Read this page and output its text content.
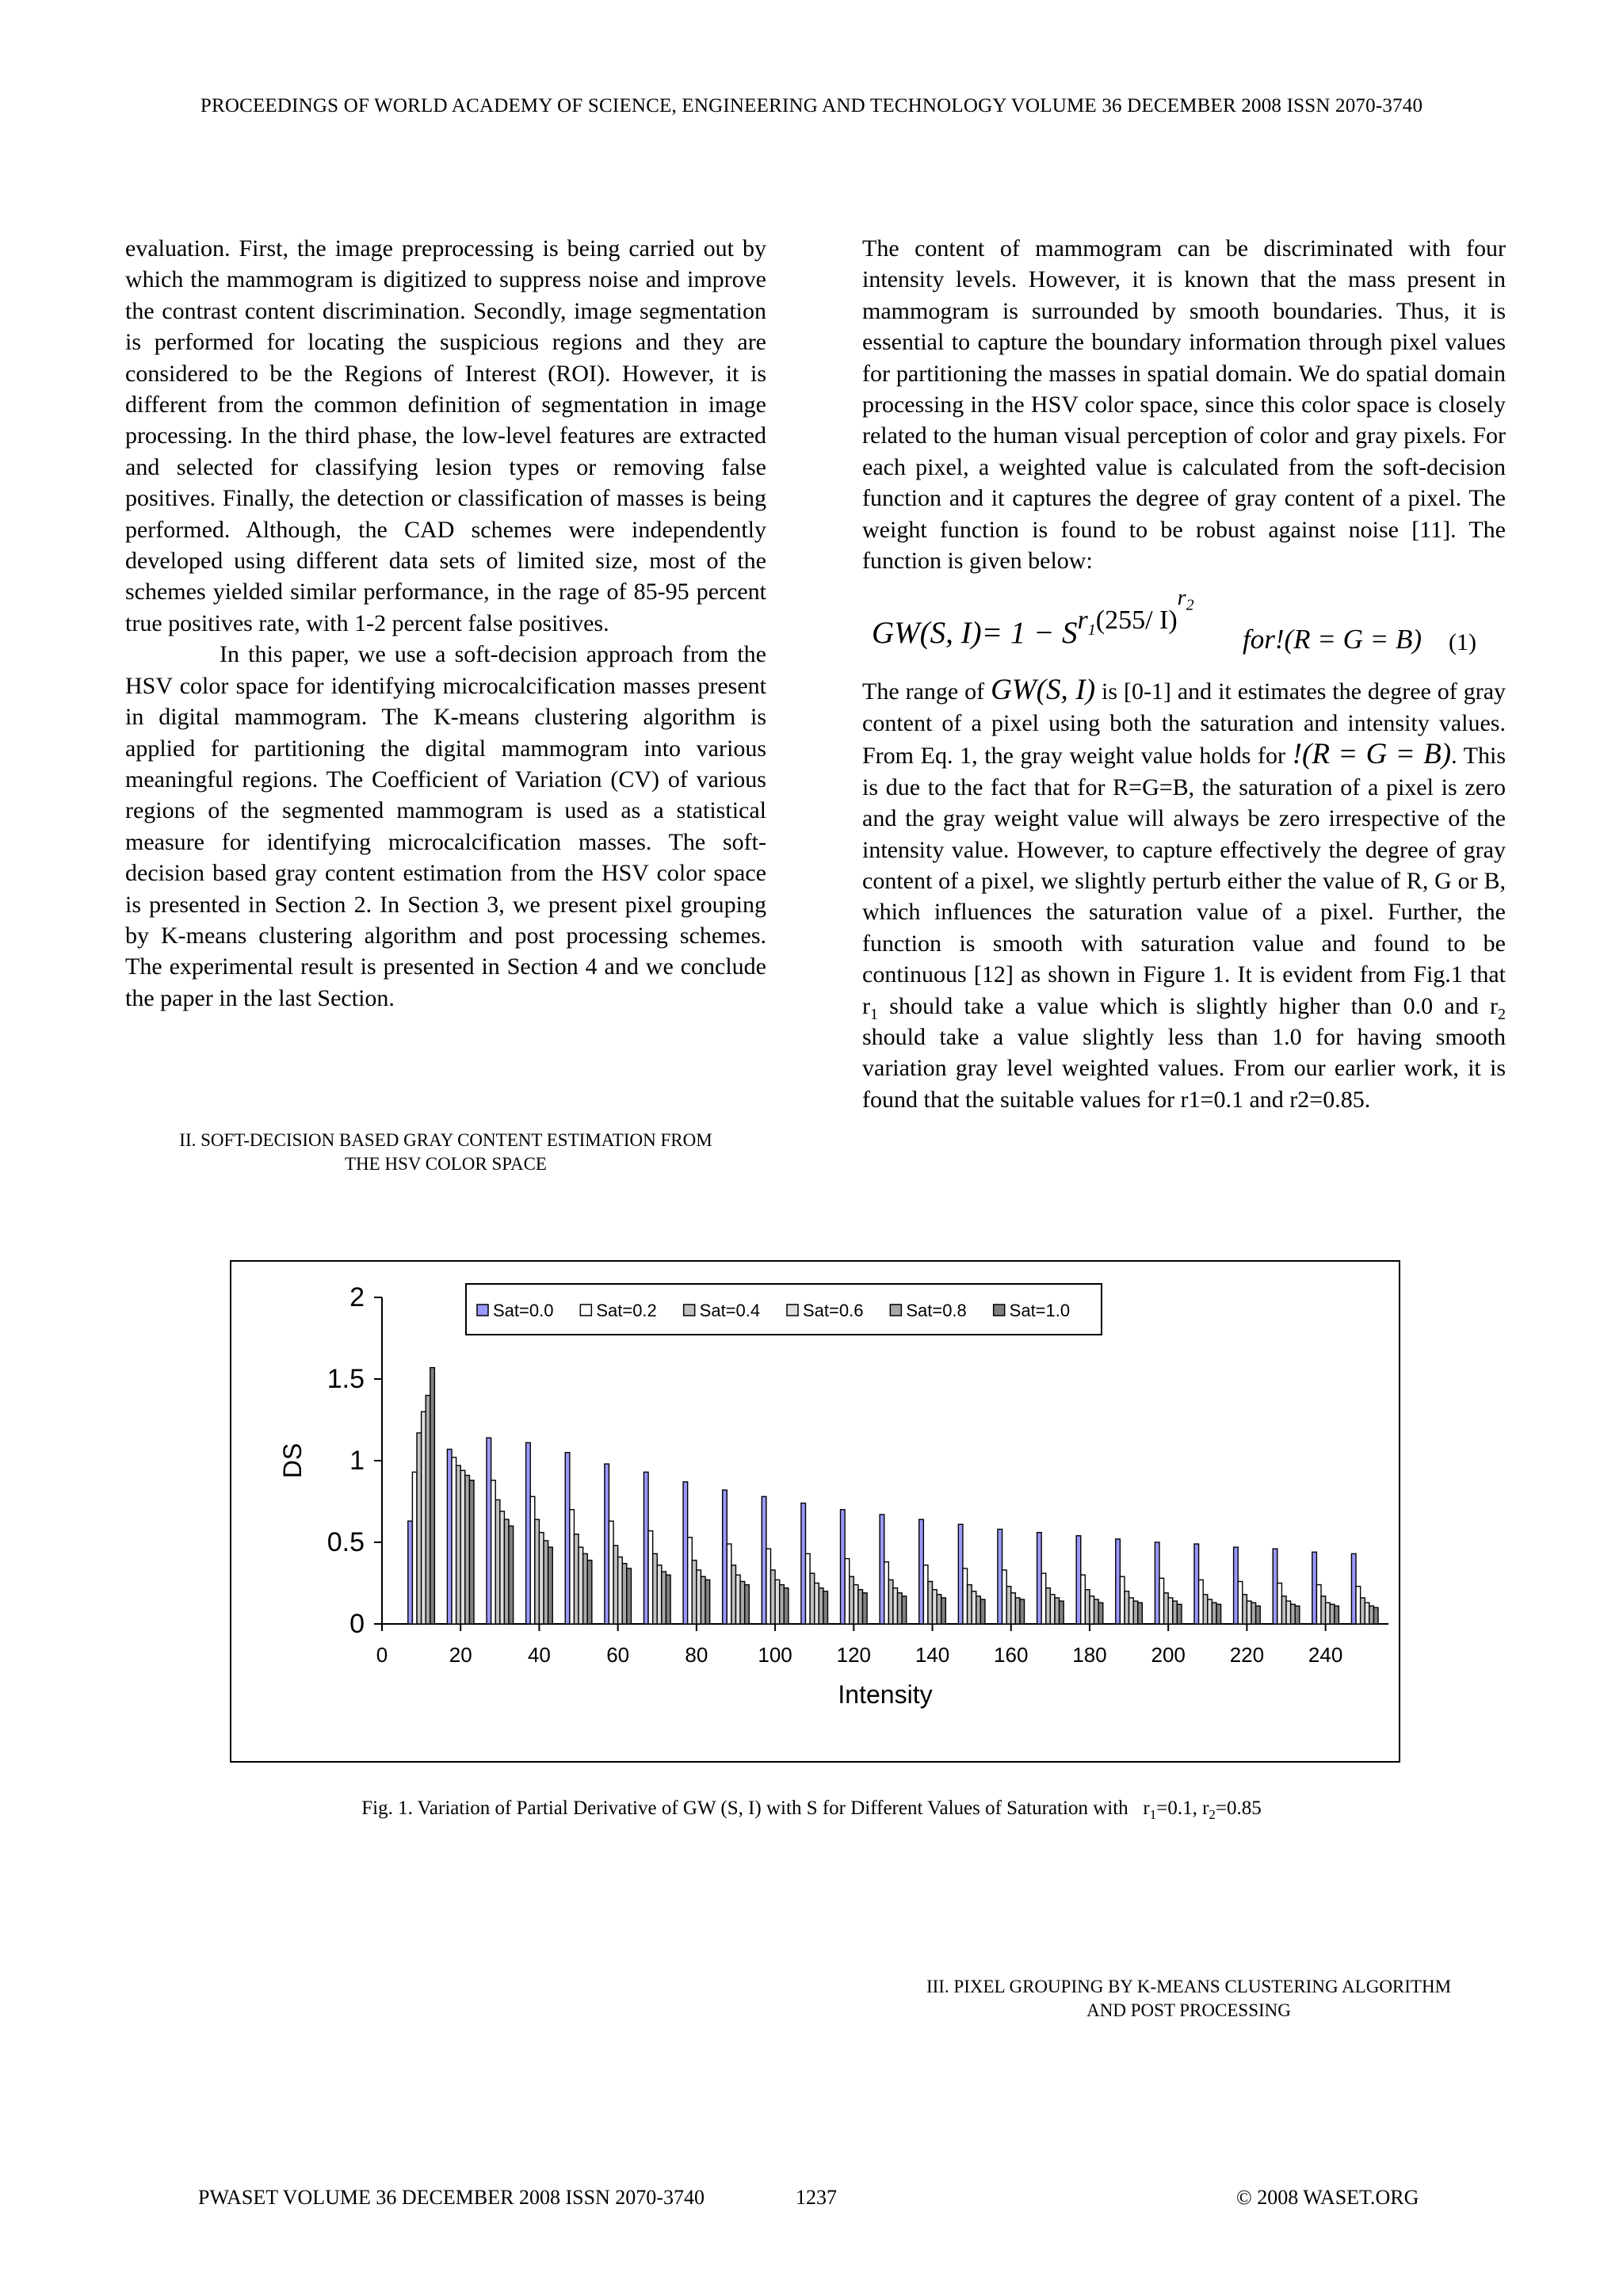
PROCEEDINGS OF WORLD ACADEMY OF SCIENCE, ENGINEERING AND TECHNOLOGY VOLUME 36 DECEMBER 2008 ISSN 2070-3740

evaluation. First, the image preprocessing is being carried out by which the mammogram is digitized to suppress noise and improve the contrast content discrimination. Secondly, image segmentation is performed for locating the suspicious regions and they are considered to be the Regions of Interest (ROI). However, it is different from the common definition of segmentation in image processing. In the third phase, the low-level features are extracted and selected for classifying lesion types or removing false positives. Finally, the detection or classification of masses is being performed. Although, the CAD schemes were independently developed using different data sets of limited size, most of the schemes yielded similar performance, in the rage of 85-95 percent true positives rate, with 1-2 percent false positives.

In this paper, we use a soft-decision approach from the HSV color space for identifying microcalcification masses present in digital mammogram. The K-means clustering algorithm is applied for partitioning the digital mammogram into various meaningful regions. The Coefficient of Variation (CV) of various regions of the segmented mammogram is used as a statistical measure for identifying microcalcification masses. The soft-decision based gray content estimation from the HSV color space is presented in Section 2. In Section 3, we present pixel grouping by K-means clustering algorithm and post processing schemes. The experimental result is presented in Section 4 and we conclude the paper in the last Section.

II. SOFT-DECISION BASED GRAY CONTENT ESTIMATION FROM

THE HSV COLOR SPACE

The content of mammogram can be discriminated with four intensity levels. However, it is known that the mass present in mammogram is surrounded by smooth boundaries. Thus, it is essential to capture the boundary information through pixel values for partitioning the masses in spatial domain. We do spatial domain processing in the HSV color space, since this color space is closely related to the human visual perception of color and gray pixels. For each pixel, a weighted value is calculated from the soft-decision function and it captures the degree of gray content of a pixel. The weight function is found to be robust against noise [11]. The function is given below:

GW(S, $I)= 1 - Sr_1(255/$ I)$^{r_2}$
for!(R = G = B) (1)

The range of GW(S, I) is [0-1] and it estimates the degree of gray content of a pixel using both the saturation and intensity values. From Eq. 1, the gray weight value holds for !(R = G = B). This is due to the fact that for R=G=B, the saturation of a pixel is zero and the gray weight value will always be zero irrespective of the intensity value. However, to capture effectively the degree of gray content of a pixel, we slightly perturb either the value of R, G or B, which influences the saturation value of a pixel. Further, the function is smooth with saturation value and found to be continuous [12] as shown in Figure 1. It is evident from Fig.1 that $r_1$ should take a value which is slightly higher than 0.0 and $r_2$ should take a value slightly less than 1.0 for having smooth variation gray level weighted values. From our earlier work, it is found that the suitable values for r1=0.1 and r2=0.85.

0
0.5
1
1.5
2
0	20	40	60	80 100 120 140 160 180 200 220 240
Intensity
DS
Sat=0.0 Sat=0.2 Sat=0.4 Sat=0.6 Sat=0.8 Sat=1.0
Fig. 1. Variation of Partial Derivative of GW (S, I) with S for Different Values of Saturation with $r_1=0.1$, $r_2=0.85$

III. PIXEL GROUPING BY K-MEANS CLUSTERING ALGORITHM

AND POST PROCESSING

PWASET VOLUME 36 DECEMBER 2008 ISSN 2070-3740	1237	© 2008 WASET.ORG
